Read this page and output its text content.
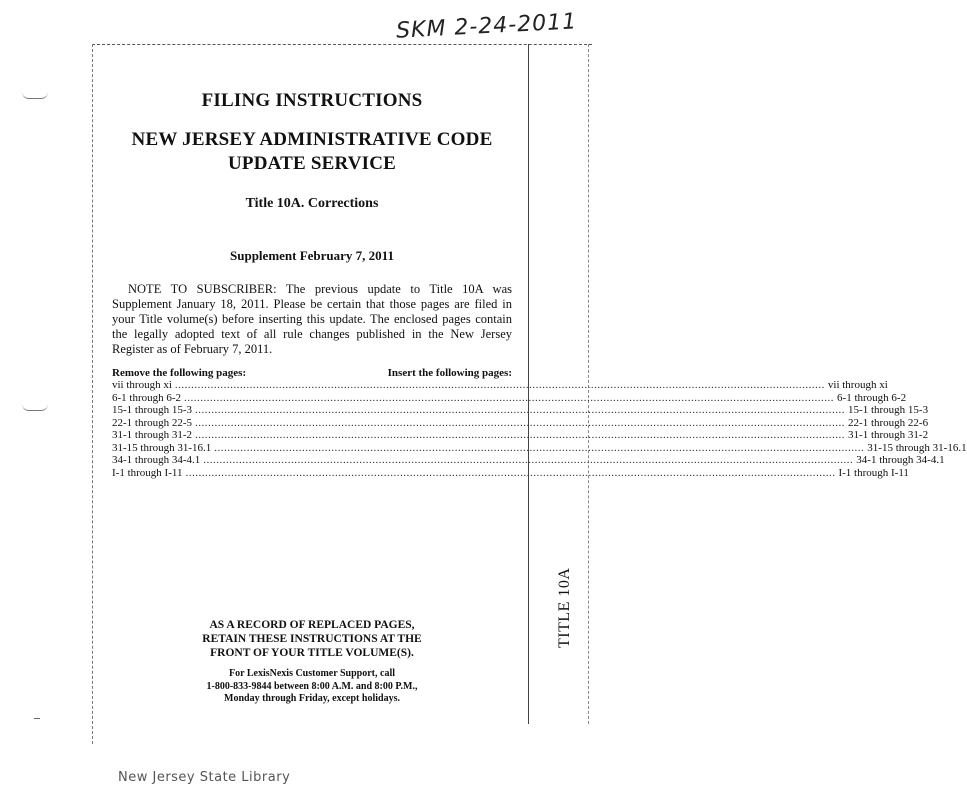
SKM 2-24-2011
FILING INSTRUCTIONS
NEW JERSEY ADMINISTRATIVE CODE
UPDATE SERVICE
Title 10A. Corrections
Supplement February 7, 2011
NOTE TO SUBSCRIBER: The previous update to Title 10A was Supplement January 18, 2011. Please be certain that those pages are filed in your Title volume(s) before inserting this update. The enclosed pages contain the legally adopted text of all rule changes published in the New Jersey Register as of February 7, 2011.
Remove the following pages:	Insert the following pages:
vii through xi ........................................................................................................................................................................................................ vii through xi
6-1 through 6-2 ........................................................................................................................................................................................................ 6-1 through 6-2
15-1 through 15-3 ........................................................................................................................................................................................................ 15-1 through 15-3
22-1 through 22-5 ........................................................................................................................................................................................................ 22-1 through 22-6
31-1 through 31-2 ........................................................................................................................................................................................................ 31-1 through 31-2
31-15 through 31-16.1 ........................................................................................................................................................................................................ 31-15 through 31-16.1
34-1 through 34-4.1 ........................................................................................................................................................................................................ 34-1 through 34-4.1
I-1 through I-11 ........................................................................................................................................................................................................ I-1 through I-11
AS A RECORD OF REPLACED PAGES,
RETAIN THESE INSTRUCTIONS AT THE
FRONT OF YOUR TITLE VOLUME(S).
For LexisNexis Customer Support, call
1-800-833-9844 between 8:00 A.M. and 8:00 P.M.,
Monday through Friday, except holidays.
TITLE 10A
New Jersey State Library
